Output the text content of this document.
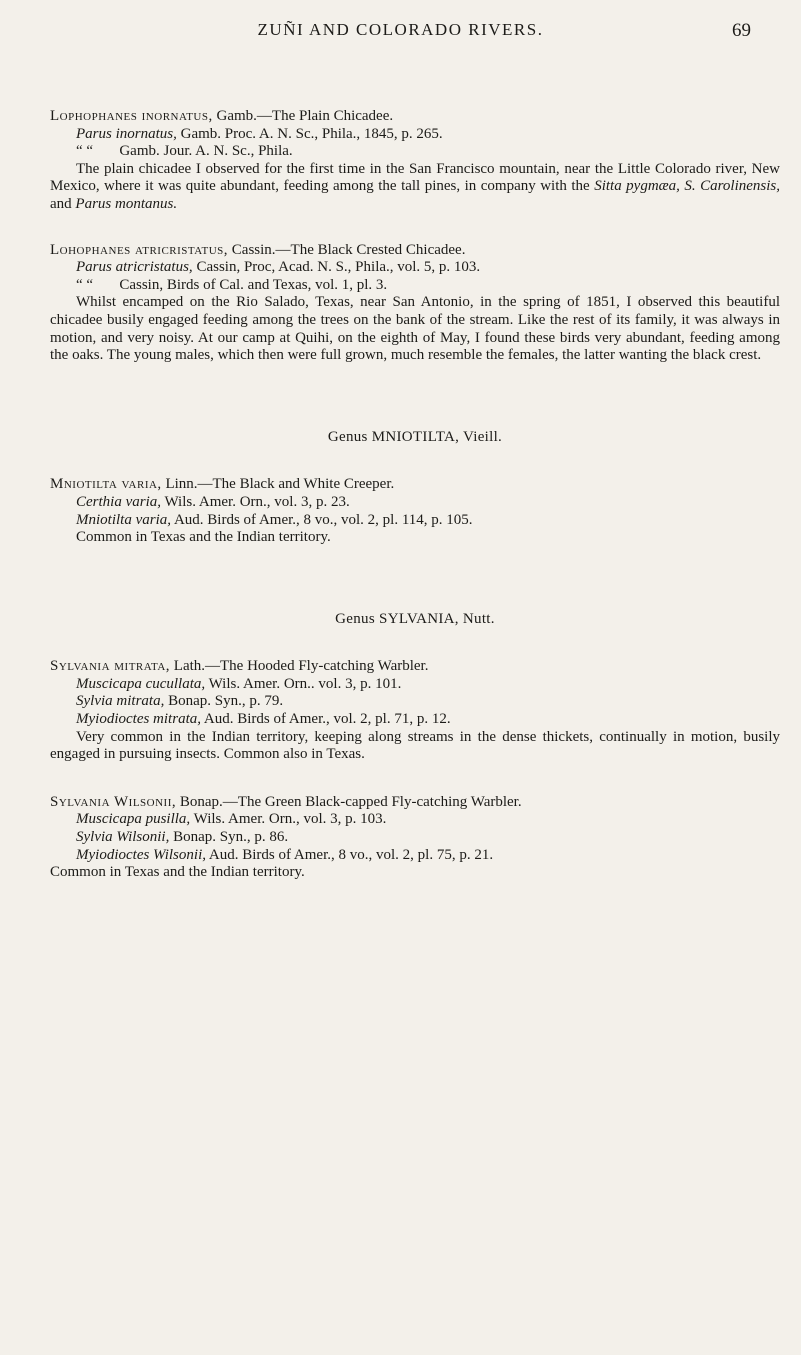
ZUÑI AND COLORADO RIVERS.	69

Lophophanes inornatus, Gamb.—The Plain Chicadee.

Parus inornatus, Gamb. Proc. A. N. Sc., Phila., 1845, p. 265.

“ “ Gamb. Jour. A. N. Sc., Phila.

The plain chicadee I observed for the first time in the San Francisco mountain, near the Little Colorado river, New Mexico, where it was quite abundant, feeding among the tall pines, in company with the Sitta pygmæa, S. Carolinensis, and Parus montanus.

Lohophanes atricristatus, Cassin.—The Black Crested Chicadee.

Parus atricristatus, Cassin, Proc, Acad. N. S., Phila., vol. 5, p. 103.

“ “ Cassin, Birds of Cal. and Texas, vol. 1, pl. 3.

Whilst encamped on the Rio Salado, Texas, near San Antonio, in the spring of 1851, I observed this beautiful chicadee busily engaged feeding among the trees on the bank of the stream. Like the rest of its family, it was always in motion, and very noisy. At our camp at Quihi, on the eighth of May, I found these birds very abundant, feeding among the oaks. The young males, which then were full grown, much resemble the females, the latter wanting the black crest.

Genus MNIOTILTA, Vieill.

Mniotilta varia, Linn.—The Black and White Creeper.

Certhia varia, Wils. Amer. Orn., vol. 3, p. 23.

Mniotilta varia, Aud. Birds of Amer., 8 vo., vol. 2, pl. 114, p. 105.

Common in Texas and the Indian territory.

Genus SYLVANIA, Nutt.

Sylvania mitrata, Lath.—The Hooded Fly-catching Warbler.

Muscicapa cucullata, Wils. Amer. Orn.. vol. 3, p. 101.

Sylvia mitrata, Bonap. Syn., p. 79.

Myiodioctes mitrata, Aud. Birds of Amer., vol. 2, pl. 71, p. 12.

Very common in the Indian territory, keeping along streams in the dense thickets, continually in motion, busily engaged in pursuing insects. Common also in Texas.

Sylvania Wilsonii, Bonap.—The Green Black-capped Fly-catching Warbler.

Muscicapa pusilla, Wils. Amer. Orn., vol. 3, p. 103.

Sylvia Wilsonii, Bonap. Syn., p. 86.

Myiodioctes Wilsonii, Aud. Birds of Amer., 8 vo., vol. 2, pl. 75, p. 21.

Common in Texas and the Indian territory.
